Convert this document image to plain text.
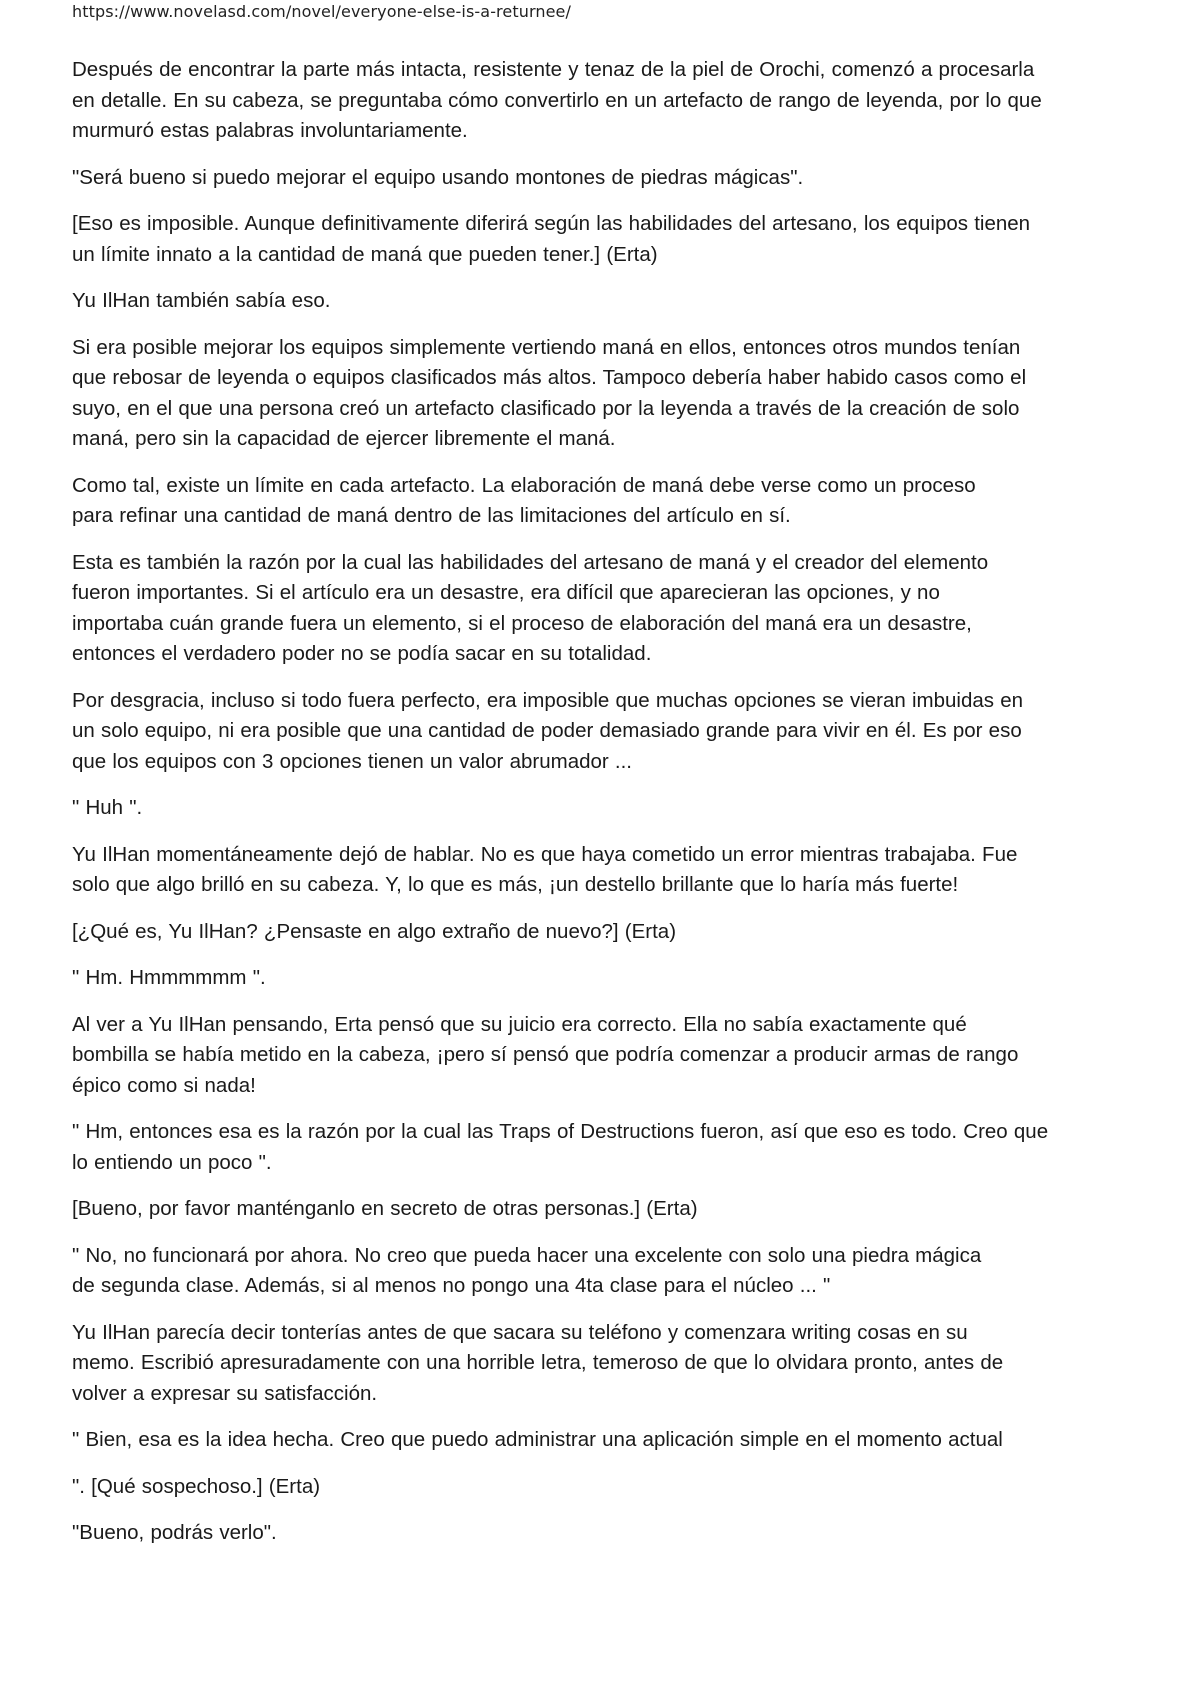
https://www.novelasd.com/novel/everyone-else-is-a-returnee/

Después de encontrar la parte más intacta, resistente y tenaz de la piel de Orochi, comenzó a procesarla
en detalle. En su cabeza, se preguntaba cómo convertirlo en un artefacto de rango de leyenda, por lo que
murmuró estas palabras involuntariamente.

"Será bueno si puedo mejorar el equipo usando montones de piedras mágicas".

[Eso es imposible. Aunque definitivamente diferirá según las habilidades del artesano, los equipos tienen
un límite innato a la cantidad de maná que pueden tener.] (Erta)

Yu IlHan también sabía eso.

Si era posible mejorar los equipos simplemente vertiendo maná en ellos, entonces otros mundos tenían
que rebosar de leyenda o equipos clasificados más altos. Tampoco debería haber habido casos como el
suyo, en el que una persona creó un artefacto clasificado por la leyenda a través de la creación de solo
maná, pero sin la capacidad de ejercer libremente el maná.

Como tal, existe un límite en cada artefacto. La elaboración de maná debe verse como un proceso
para refinar una cantidad de maná dentro de las limitaciones del artículo en sí.

Esta es también la razón por la cual las habilidades del artesano de maná y el creador del elemento
fueron importantes. Si el artículo era un desastre, era difícil que aparecieran las opciones, y no
importaba cuán grande fuera un elemento, si el proceso de elaboración del maná era un desastre,
entonces el verdadero poder no se podía sacar en su totalidad.

Por desgracia, incluso si todo fuera perfecto, era imposible que muchas opciones se vieran imbuidas en
un solo equipo, ni era posible que una cantidad de poder demasiado grande para vivir en él. Es por eso
que los equipos con 3 opciones tienen un valor abrumador ...

" Huh ".

Yu IlHan momentáneamente dejó de hablar. No es que haya cometido un error mientras trabajaba. Fue
solo que algo brilló en su cabeza. Y, lo que es más, ¡un destello brillante que lo haría más fuerte!

[¿Qué es, Yu IlHan? ¿Pensaste en algo extraño de nuevo?] (Erta)

" Hm. Hmmmmmm ".

Al ver a Yu IlHan pensando, Erta pensó que su juicio era correcto. Ella no sabía exactamente qué
bombilla se había metido en la cabeza, ¡pero sí pensó que podría comenzar a producir armas de rango
épico como si nada!

" Hm, entonces esa es la razón por la cual las Traps of Destructions fueron, así que eso es todo. Creo que
lo entiendo un poco ".

[Bueno, por favor manténganlo en secreto de otras personas.] (Erta)

" No, no funcionará por ahora. No creo que pueda hacer una excelente con solo una piedra mágica
de segunda clase. Además, si al menos no pongo una 4ta clase para el núcleo ... "

Yu IlHan parecía decir tonterías antes de que sacara su teléfono y comenzara writing cosas en su
memo. Escribió apresuradamente con una horrible letra, temeroso de que lo olvidara pronto, antes de
volver a expresar su satisfacción.

" Bien, esa es la idea hecha. Creo que puedo administrar una aplicación simple en el momento actual

". [Qué sospechoso.] (Erta)

"Bueno, podrás verlo".
